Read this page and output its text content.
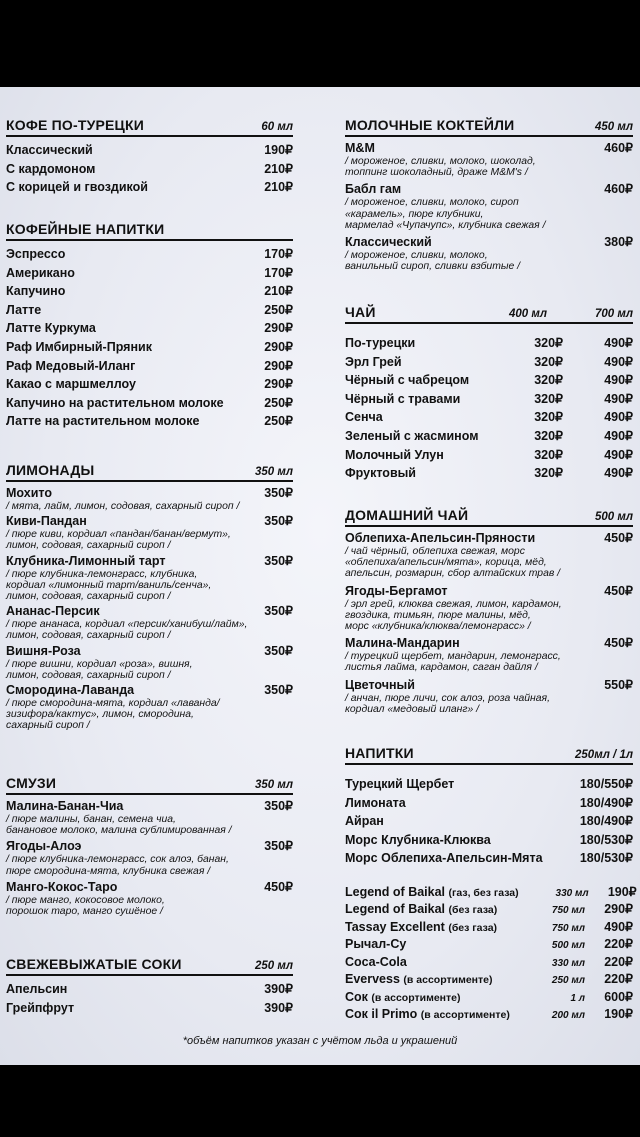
КОФЕ ПО-ТУРЕЦКИ	60 мл
Классический	190₽
С кардомоном	210₽
С корицей и гвоздикой	210₽
КОФЕЙНЫЕ НАПИТКИ
Эспрессо	170₽
Американо	170₽
Капучино	210₽
Латте	250₽
Латте Куркума	290₽
Раф Имбирный-Пряник	290₽
Раф Медовый-Иланг	290₽
Какао с маршмеллоу	290₽
Капучино на растительном молоке	250₽
Латте на растительном молоке	250₽
ЛИМОНАДЫ	350 мл
Мохито	350₽
/ мята, лайм, лимон, содовая, сахарный сироп /
Киви-Пандан	350₽
/ пюре киви, кордиал «пандан/банан/вермут»,
лимон, содовая, сахарный сироп /
Клубника-Лимонный тарт	350₽
/ пюре клубника-лемонграсс, клубника,
кордиал «лимонный тарт/ваниль/сенча»,
лимон, содовая, сахарный сироп /
Ананас-Персик	350₽
/ пюре ананаса, кордиал «персик/ханибуш/лайм»,
лимон, содовая, сахарный сироп /
Вишня-Роза	350₽
/ пюре вишни, кордиал «роза», вишня,
лимон, содовая, сахарный сироп /
Смородина-Лаванда	350₽
/ пюре смородина-мята, кордиал «лаванда/
зизифора/кактус», лимон, смородина,
сахарный сироп /
СМУЗИ	350 мл
Малина-Банан-Чиа	350₽
/ пюре малины, банан, семена чиа,
банановое молоко, малина сублимированная /
Ягоды-Алоэ	350₽
/ пюре клубника-лемонграсс, сок алоэ, банан,
пюре смородина-мята, клубника свежая /
Манго-Кокос-Таро	450₽
/ пюре манго, кокосовое молоко,
порошок таро, манго сушёное /
СВЕЖЕВЫЖАТЫЕ СОКИ	250 мл
Апельсин	390₽
Грейпфрут	390₽
МОЛОЧНЫЕ КОКТЕЙЛИ	450 мл
M&M	460₽
/ мороженое, сливки, молоко, шоколад,
топпинг шоколадный, драже M&M's /
Бабл гам	460₽
/ мороженое, сливки, молоко, сироп
«карамель», пюре клубники,
мармелад «Чупачупс», клубника свежая /
Классический	380₽
/ мороженое, сливки, молоко,
ванильный сироп, сливки взбитые /
ЧАЙ	400 мл	700 мл
По-турецки	320₽	490₽
Эрл Грей	320₽	490₽
Чёрный с чабрецом	320₽	490₽
Чёрный с травами	320₽	490₽
Сенча	320₽	490₽
Зеленый с жасмином	320₽	490₽
Молочный Улун	320₽	490₽
Фруктовый	320₽	490₽
ДОМАШНИЙ ЧАЙ	500 мл
Облепиха-Апельсин-Пряности	450₽
/ чай чёрный, облепиха свежая, морс
«облепиха/апельсин/мята», корица, мёд,
апельсин, розмарин, сбор алтайских трав /
Ягоды-Бергамот	450₽
/ эрл грей, клюква свежая, лимон, кардамон,
гвоздика, тимьян, пюре малины, мёд,
морс «клубника/клюква/лемонграсс» /
Малина-Мандарин	450₽
/ турецкий щербет, мандарин, лемонграсс,
листья лайма, кардамон, саган дайля /
Цветочный	550₽
/ анчан, пюре личи, сок алоэ, роза чайная,
кордиал «медовый иланг» /
НАПИТКИ	250мл / 1л
Турецкий Щербет	180/550₽
Лимоната	180/490₽
Айран	180/490₽
Морс Клубника-Клюква	180/530₽
Морс Облепиха-Апельсин-Мята	180/530₽
Legend of Baikal (газ, без газа)	330 мл	190₽
Legend of Baikal (без газа)	750 мл	290₽
Tassay Excellent (без газа)	750 мл	490₽
Рычал-Су	500 мл	220₽
Coca-Cola	330 мл	220₽
Evervess (в ассортименте)	250 мл	220₽
Сок (в ассортименте)	1 л	600₽
Сок il Primo (в ассортименте)	200 мл	190₽
*объём напитков указан с учётом льда и украшений
